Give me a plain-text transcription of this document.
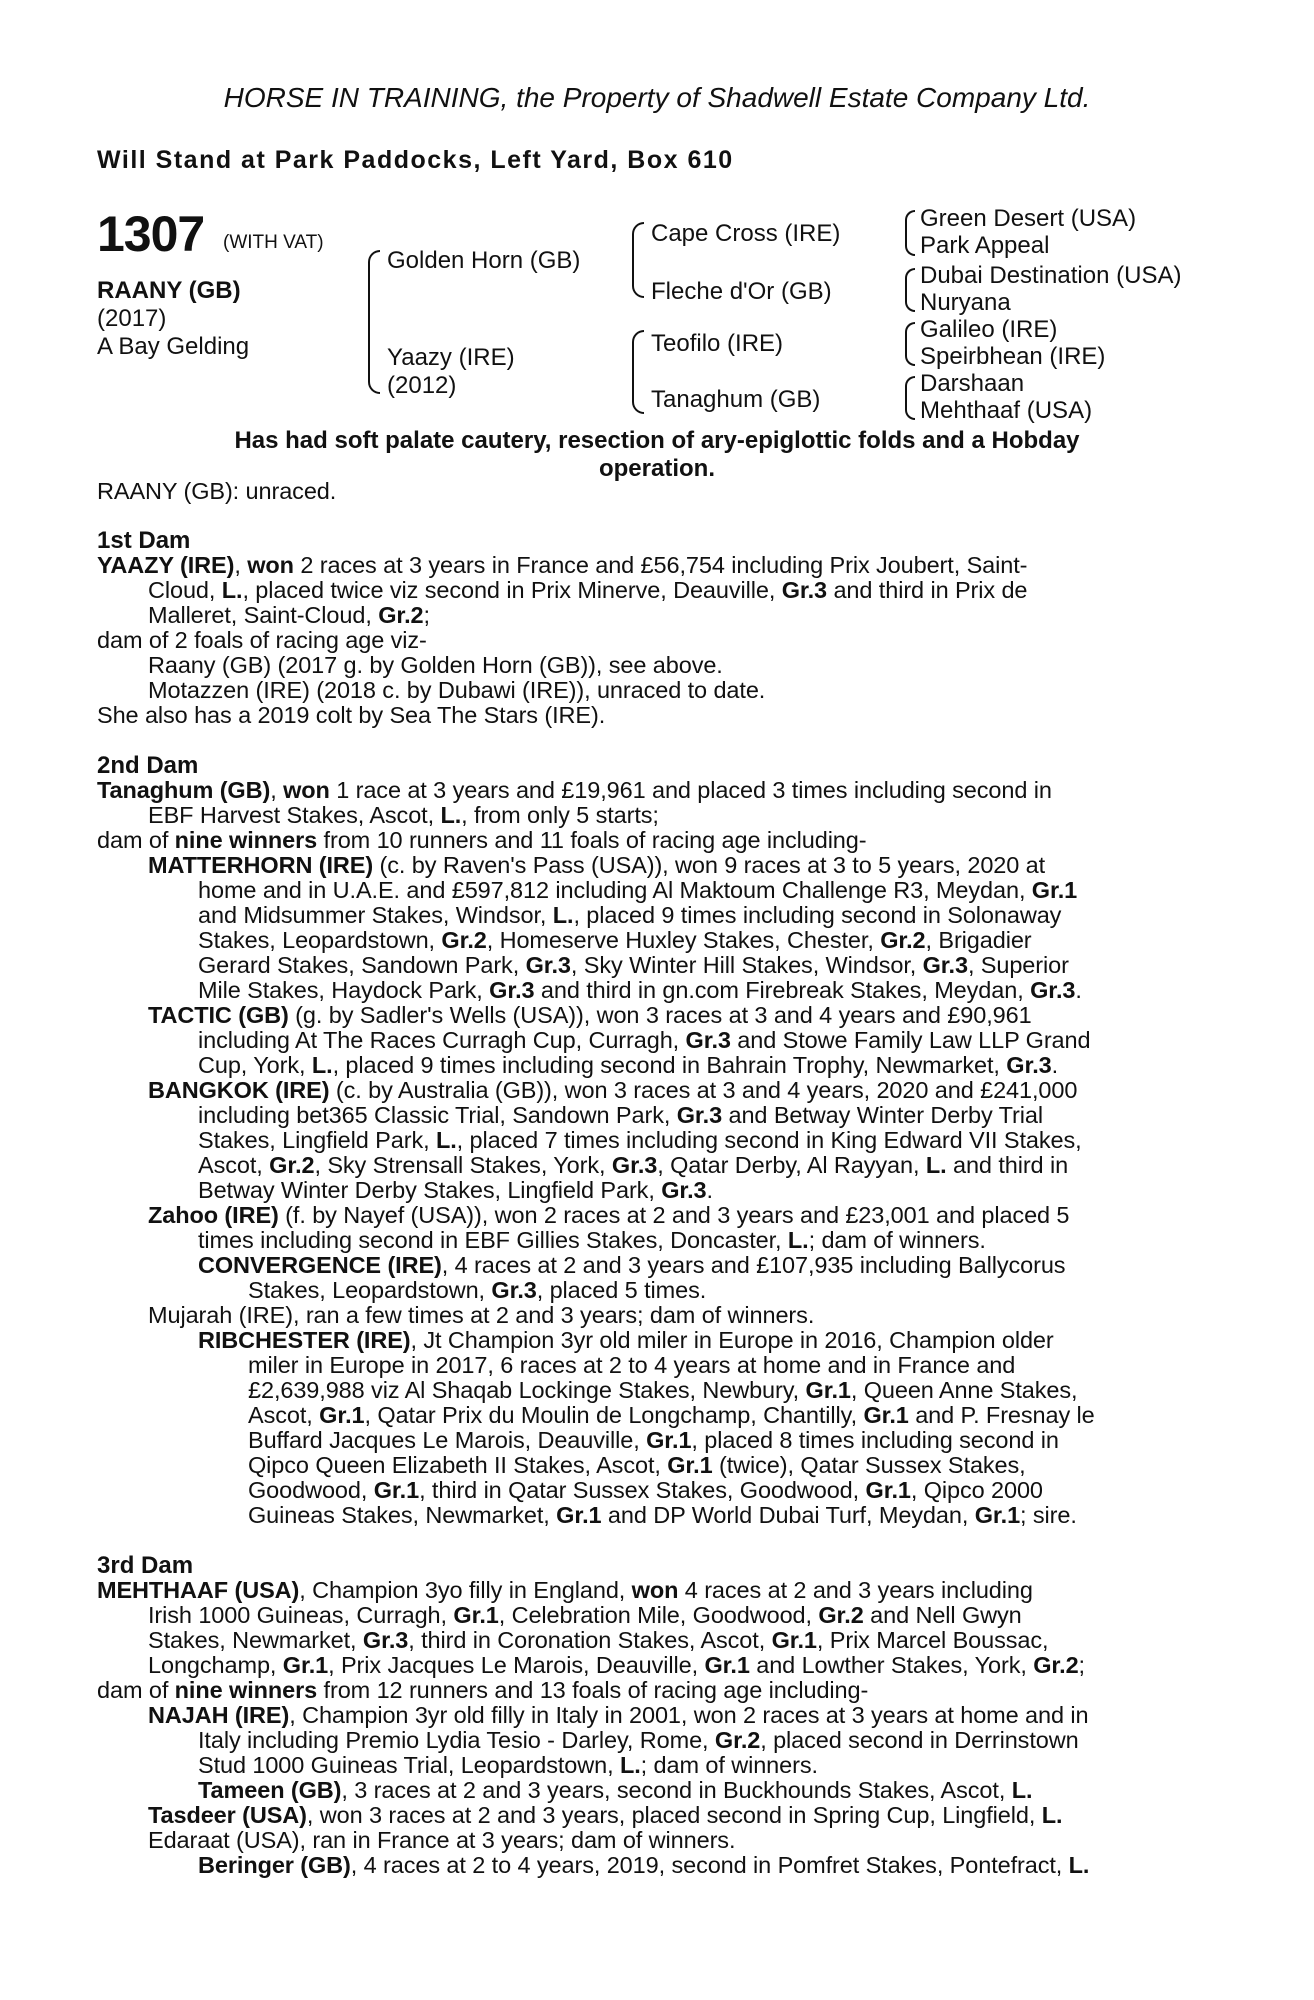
HORSE IN TRAINING, the Property of Shadwell Estate Company Ltd.
Will Stand at Park Paddocks, Left Yard, Box 610
1307 (WITH VAT)
RAANY (GB)
(2017)
A Bay Gelding
Golden Horn (GB)
Yaazy (IRE)
(2012)
Cape Cross (IRE)
Fleche d'Or (GB)
Teofilo (IRE)
Tanaghum (GB)
Green Desert (USA)
Park Appeal
Dubai Destination (USA)
Nuryana
Galileo (IRE)
Speirbhean (IRE)
Darshaan
Mehthaaf (USA)
Has had soft palate cautery, resection of ary-epiglottic folds and a Hobday
operation.
RAANY (GB): unraced.
1st Dam
YAAZY (IRE), won 2 races at 3 years in France and £56,754 including Prix Joubert, Saint-
Cloud, L., placed twice viz second in Prix Minerve, Deauville, Gr.3 and third in Prix de
Malleret, Saint-Cloud, Gr.2;
dam of 2 foals of racing age viz-
Raany (GB) (2017 g. by Golden Horn (GB)), see above.
Motazzen (IRE) (2018 c. by Dubawi (IRE)), unraced to date.
She also has a 2019 colt by Sea The Stars (IRE).
2nd Dam
Tanaghum (GB), won 1 race at 3 years and £19,961 and placed 3 times including second in
EBF Harvest Stakes, Ascot, L., from only 5 starts;
dam of nine winners from 10 runners and 11 foals of racing age including-
MATTERHORN (IRE) (c. by Raven's Pass (USA)), won 9 races at 3 to 5 years, 2020 at
home and in U.A.E. and £597,812 including Al Maktoum Challenge R3, Meydan, Gr.1
and Midsummer Stakes, Windsor, L., placed 9 times including second in Solonaway
Stakes, Leopardstown, Gr.2, Homeserve Huxley Stakes, Chester, Gr.2, Brigadier
Gerard Stakes, Sandown Park, Gr.3, Sky Winter Hill Stakes, Windsor, Gr.3, Superior
Mile Stakes, Haydock Park, Gr.3 and third in gn.com Firebreak Stakes, Meydan, Gr.3.
TACTIC (GB) (g. by Sadler's Wells (USA)), won 3 races at 3 and 4 years and £90,961
including At The Races Curragh Cup, Curragh, Gr.3 and Stowe Family Law LLP Grand
Cup, York, L., placed 9 times including second in Bahrain Trophy, Newmarket, Gr.3.
BANGKOK (IRE) (c. by Australia (GB)), won 3 races at 3 and 4 years, 2020 and £241,000
including bet365 Classic Trial, Sandown Park, Gr.3 and Betway Winter Derby Trial
Stakes, Lingfield Park, L., placed 7 times including second in King Edward VII Stakes,
Ascot, Gr.2, Sky Strensall Stakes, York, Gr.3, Qatar Derby, Al Rayyan, L. and third in
Betway Winter Derby Stakes, Lingfield Park, Gr.3.
Zahoo (IRE) (f. by Nayef (USA)), won 2 races at 2 and 3 years and £23,001 and placed 5
times including second in EBF Gillies Stakes, Doncaster, L.; dam of winners.
CONVERGENCE (IRE), 4 races at 2 and 3 years and £107,935 including Ballycorus
Stakes, Leopardstown, Gr.3, placed 5 times.
Mujarah (IRE), ran a few times at 2 and 3 years; dam of winners.
RIBCHESTER (IRE), Jt Champion 3yr old miler in Europe in 2016, Champion older
miler in Europe in 2017, 6 races at 2 to 4 years at home and in France and
£2,639,988 viz Al Shaqab Lockinge Stakes, Newbury, Gr.1, Queen Anne Stakes,
Ascot, Gr.1, Qatar Prix du Moulin de Longchamp, Chantilly, Gr.1 and P. Fresnay le
Buffard Jacques Le Marois, Deauville, Gr.1, placed 8 times including second in
Qipco Queen Elizabeth II Stakes, Ascot, Gr.1 (twice), Qatar Sussex Stakes,
Goodwood, Gr.1, third in Qatar Sussex Stakes, Goodwood, Gr.1, Qipco 2000
Guineas Stakes, Newmarket, Gr.1 and DP World Dubai Turf, Meydan, Gr.1; sire.
3rd Dam
MEHTHAAF (USA), Champion 3yo filly in England, won 4 races at 2 and 3 years including
Irish 1000 Guineas, Curragh, Gr.1, Celebration Mile, Goodwood, Gr.2 and Nell Gwyn
Stakes, Newmarket, Gr.3, third in Coronation Stakes, Ascot, Gr.1, Prix Marcel Boussac,
Longchamp, Gr.1, Prix Jacques Le Marois, Deauville, Gr.1 and Lowther Stakes, York, Gr.2;
dam of nine winners from 12 runners and 13 foals of racing age including-
NAJAH (IRE), Champion 3yr old filly in Italy in 2001, won 2 races at 3 years at home and in
Italy including Premio Lydia Tesio - Darley, Rome, Gr.2, placed second in Derrinstown
Stud 1000 Guineas Trial, Leopardstown, L.; dam of winners.
Tameen (GB), 3 races at 2 and 3 years, second in Buckhounds Stakes, Ascot, L.
Tasdeer (USA), won 3 races at 2 and 3 years, placed second in Spring Cup, Lingfield, L.
Edaraat (USA), ran in France at 3 years; dam of winners.
Beringer (GB), 4 races at 2 to 4 years, 2019, second in Pomfret Stakes, Pontefract, L.
